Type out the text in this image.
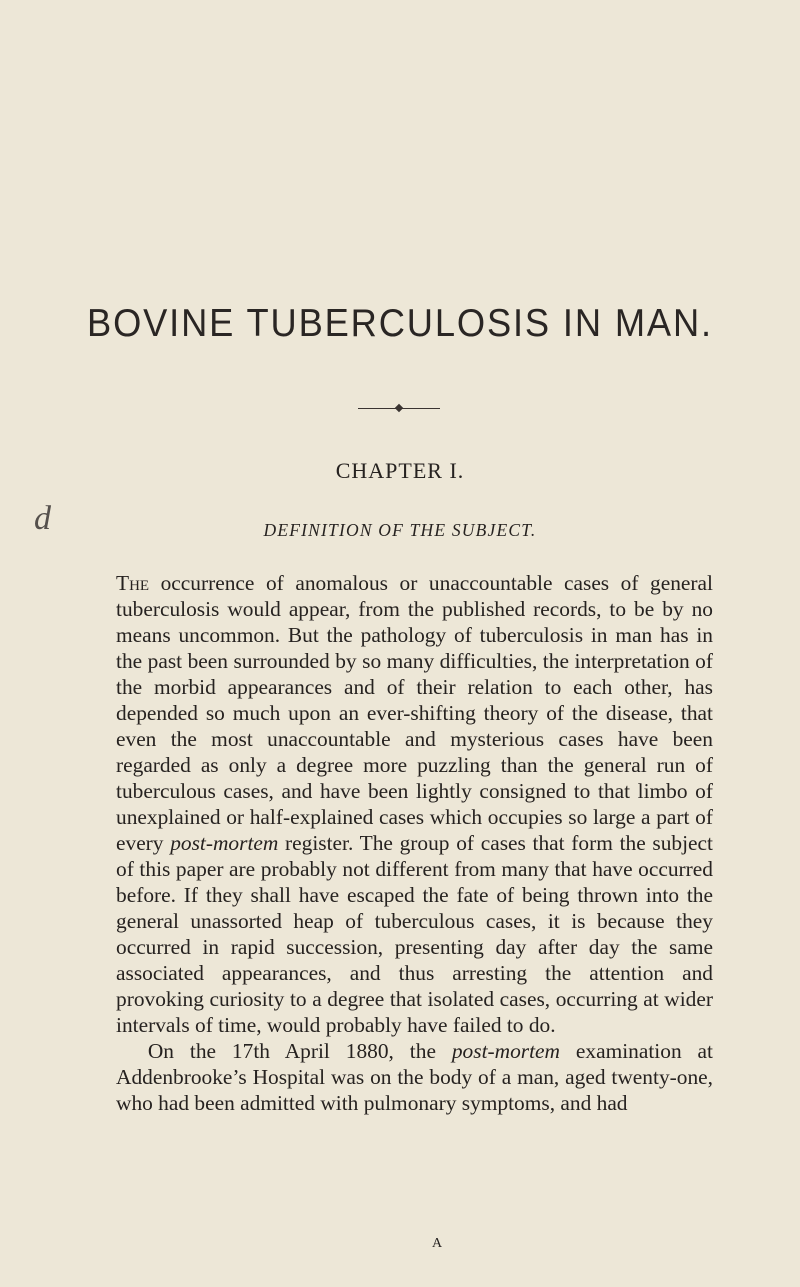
BOVINE TUBERCULOSIS IN MAN.
CHAPTER I.
d	DEFINITION OF THE SUBJECT.

The occurrence of anomalous or unaccountable cases of general tuberculosis would appear, from the published records, to be by no means uncommon. But the pathology of tuberculosis in man has in the past been surrounded by so many difficulties, the interpretation of the morbid appearances and of their relation to each other, has depended so much upon an ever-shifting theory of the disease, that even the most unaccountable and mysterious cases have been regarded as only a degree more puzzling than the general run of tuberculous cases, and have been lightly consigned to that limbo of unexplained or half-explained cases which occupies so large a part of every post-mortem register. The group of cases that form the subject of this paper are probably not different from many that have occurred before. If they shall have escaped the fate of being thrown into the general unassorted heap of tuberculous cases, it is because they occurred in rapid succession, presenting day after day the same associated appearances, and thus arresting the attention and provoking curiosity to a degree that isolated cases, occurring at wider intervals of time, would probably have failed to do.

On the 17th April 1880, the post-mortem examination at Addenbrooke’s Hospital was on the body of a man, aged twenty-one, who had been admitted with pulmonary symptoms, and had

A
